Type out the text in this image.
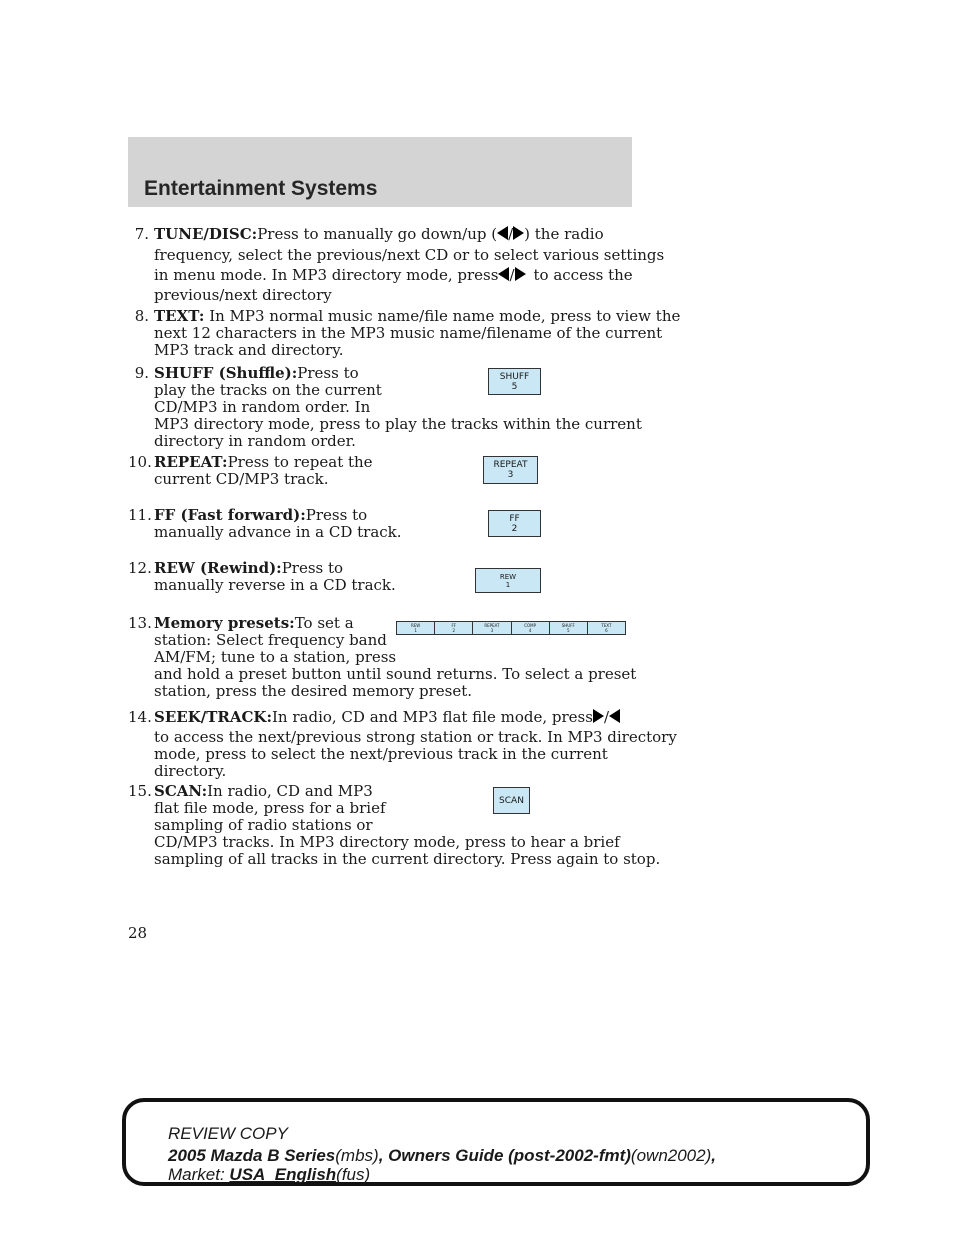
Entertainment Systems
7. TUNE/DISC:Press to manually go down/up ( / ) the radio
frequency, select the previous/next CD or to select various settings
in menu mode. In MP3 directory mode, press / to access the
previous/next directory
8. TEXT: In MP3 normal music name/file name mode, press to view the
next 12 characters in the MP3 music name/filename of the current
MP3 track and directory.
9. SHUFF (Shuffle):Press to
play the tracks on the current
CD/MP3 in random order. In
MP3 directory mode, press to play the tracks within the current
directory in random order.
SHUFF
5
10. REPEAT:Press to repeat the
current CD/MP3 track.
REPEAT
3
11. FF (Fast forward):Press to
manually advance in a CD track.
FF
2
12. REW (Rewind):Press to
manually reverse in a CD track.	REW
1
13. Memory presets:To set a
station: Select frequency band
AM/FM; tune to a station, press
and hold a preset button until sound returns. To select a preset
station, press the desired memory preset.
REW
1
FF
2
REPEAT
3
COMP
4
SHUFF
5
TEXT
6
14. SEEK/TRACK:In radio, CD and MP3 flat file mode, press /
to access the next/previous strong station or track. In MP3 directory
mode, press to select the next/previous track in the current
directory.
15. SCAN:In radio, CD and MP3
flat file mode, press for a brief
sampling of radio stations or
CD/MP3 tracks. In MP3 directory mode, press to hear a brief
sampling of all tracks in the current directory. Press again to stop.
SCAN
28
REVIEW COPY
2005 Mazda B Series(mbs), Owners Guide (post-2002-fmt)(own2002),
Market: USA_English(fus)
